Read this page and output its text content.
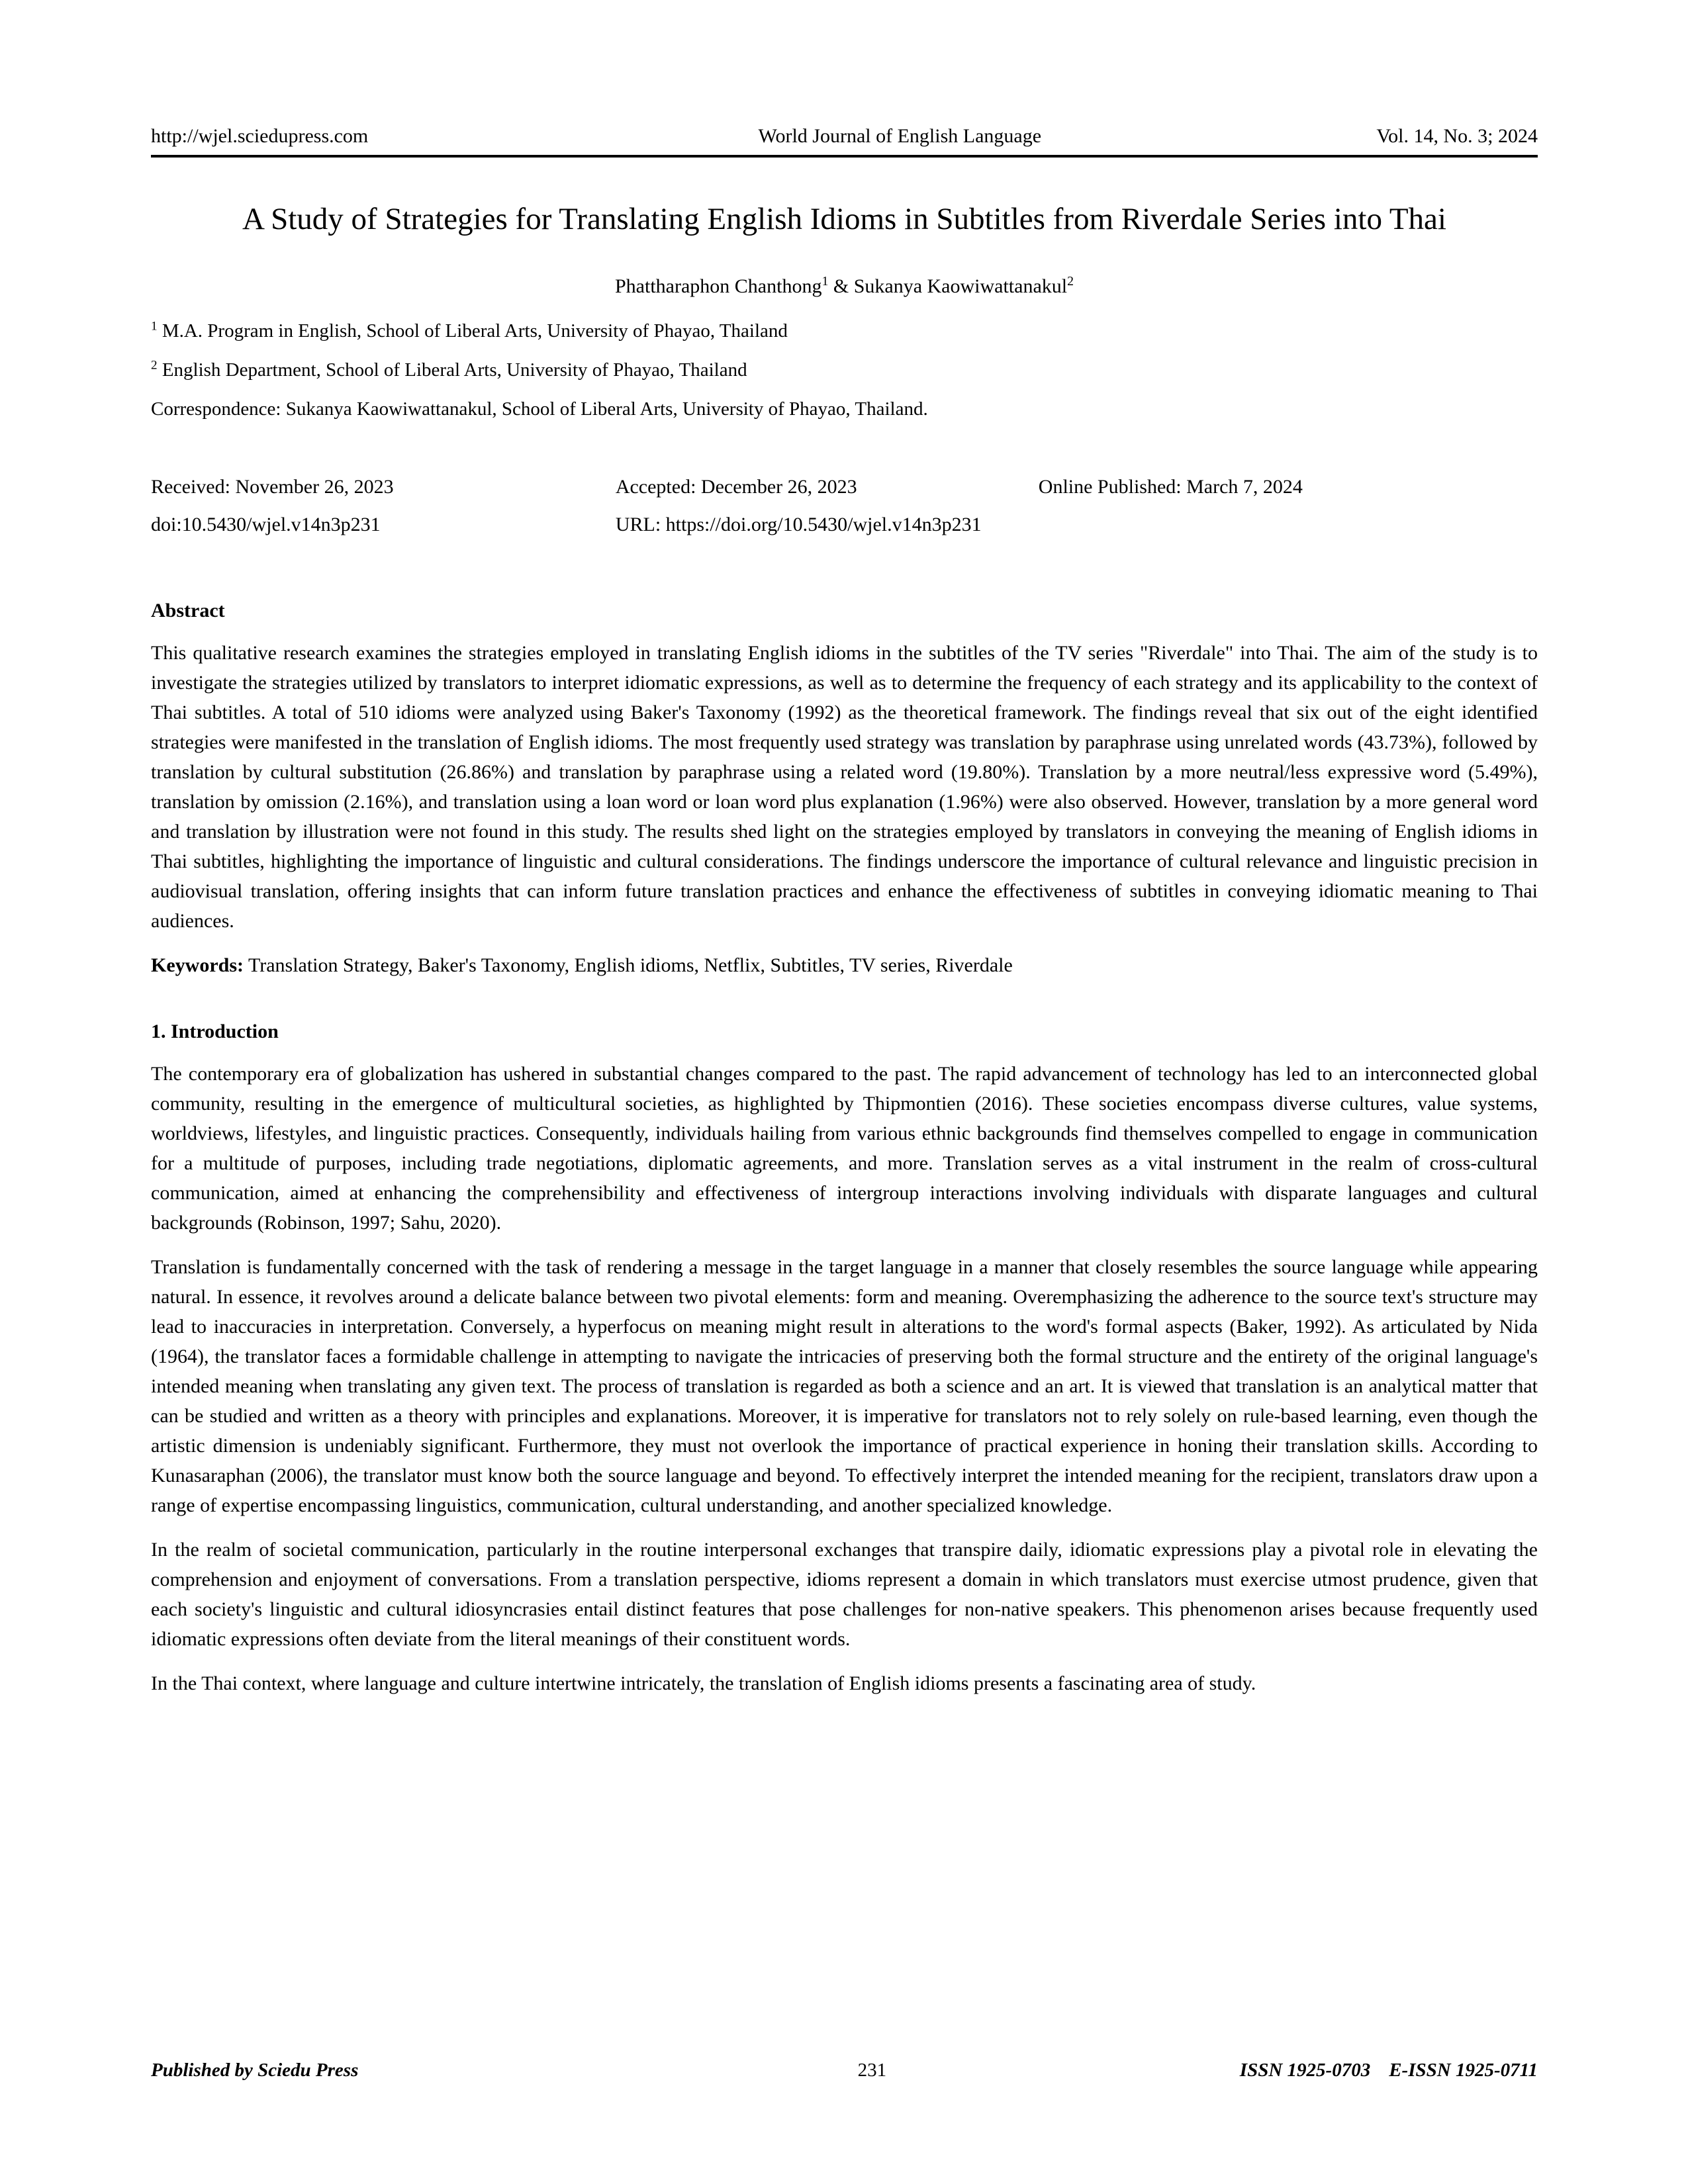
http://wjel.sciedupress.com	World Journal of English Language	Vol. 14, No. 3; 2024
A Study of Strategies for Translating English Idioms in Subtitles from Riverdale Series into Thai
Phattharaphon Chanthong$^1$ & Sukanya Kaowiwattanakul$^2$
$^1$ M.A. Program in English, School of Liberal Arts, University of Phayao, Thailand
$^2$ English Department, School of Liberal Arts, University of Phayao, Thailand
Correspondence: Sukanya Kaowiwattanakul, School of Liberal Arts, University of Phayao, Thailand.
Received: November 26, 2023	Accepted: December 26, 2023	Online Published: March 7, 2024
doi:10.5430/wjel.v14n3p231	URL: https://doi.org/10.5430/wjel.v14n3p231
Abstract

This qualitative research examines the strategies employed in translating English idioms in the subtitles of the TV series "Riverdale" into Thai. The aim of the study is to investigate the strategies utilized by translators to interpret idiomatic expressions, as well as to determine the frequency of each strategy and its applicability to the context of Thai subtitles. A total of 510 idioms were analyzed using Baker's Taxonomy (1992) as the theoretical framework. The findings reveal that six out of the eight identified strategies were manifested in the translation of English idioms. The most frequently used strategy was translation by paraphrase using unrelated words (43.73%), followed by translation by cultural substitution (26.86%) and translation by paraphrase using a related word (19.80%). Translation by a more neutral/less expressive word (5.49%), translation by omission (2.16%), and translation using a loan word or loan word plus explanation (1.96%) were also observed. However, translation by a more general word and translation by illustration were not found in this study. The results shed light on the strategies employed by translators in conveying the meaning of English idioms in Thai subtitles, highlighting the importance of linguistic and cultural considerations. The findings underscore the importance of cultural relevance and linguistic precision in audiovisual translation, offering insights that can inform future translation practices and enhance the effectiveness of subtitles in conveying idiomatic meaning to Thai audiences.

Keywords: Translation Strategy, Baker's Taxonomy, English idioms, Netflix, Subtitles, TV series, Riverdale

1. Introduction

The contemporary era of globalization has ushered in substantial changes compared to the past. The rapid advancement of technology has led to an interconnected global community, resulting in the emergence of multicultural societies, as highlighted by Thipmontien (2016). These societies encompass diverse cultures, value systems, worldviews, lifestyles, and linguistic practices. Consequently, individuals hailing from various ethnic backgrounds find themselves compelled to engage in communication for a multitude of purposes, including trade negotiations, diplomatic agreements, and more. Translation serves as a vital instrument in the realm of cross-cultural communication, aimed at enhancing the comprehensibility and effectiveness of intergroup interactions involving individuals with disparate languages and cultural backgrounds (Robinson, 1997; Sahu, 2020).

Translation is fundamentally concerned with the task of rendering a message in the target language in a manner that closely resembles the source language while appearing natural. In essence, it revolves around a delicate balance between two pivotal elements: form and meaning. Overemphasizing the adherence to the source text's structure may lead to inaccuracies in interpretation. Conversely, a hyperfocus on meaning might result in alterations to the word's formal aspects (Baker, 1992). As articulated by Nida (1964), the translator faces a formidable challenge in attempting to navigate the intricacies of preserving both the formal structure and the entirety of the original language's intended meaning when translating any given text. The process of translation is regarded as both a science and an art. It is viewed that translation is an analytical matter that can be studied and written as a theory with principles and explanations. Moreover, it is imperative for translators not to rely solely on rule-based learning, even though the artistic dimension is undeniably significant. Furthermore, they must not overlook the importance of practical experience in honing their translation skills. According to Kunasaraphan (2006), the translator must know both the source language and beyond. To effectively interpret the intended meaning for the recipient, translators draw upon a range of expertise encompassing linguistics, communication, cultural understanding, and another specialized knowledge.

In the realm of societal communication, particularly in the routine interpersonal exchanges that transpire daily, idiomatic expressions play a pivotal role in elevating the comprehension and enjoyment of conversations. From a translation perspective, idioms represent a domain in which translators must exercise utmost prudence, given that each society's linguistic and cultural idiosyncrasies entail distinct features that pose challenges for non-native speakers. This phenomenon arises because frequently used idiomatic expressions often deviate from the literal meanings of their constituent words.

In the Thai context, where language and culture intertwine intricately, the translation of English idioms presents a fascinating area of study.

Published by Sciedu Press	231	ISSN 1925-0703 E-ISSN 1925-0711
